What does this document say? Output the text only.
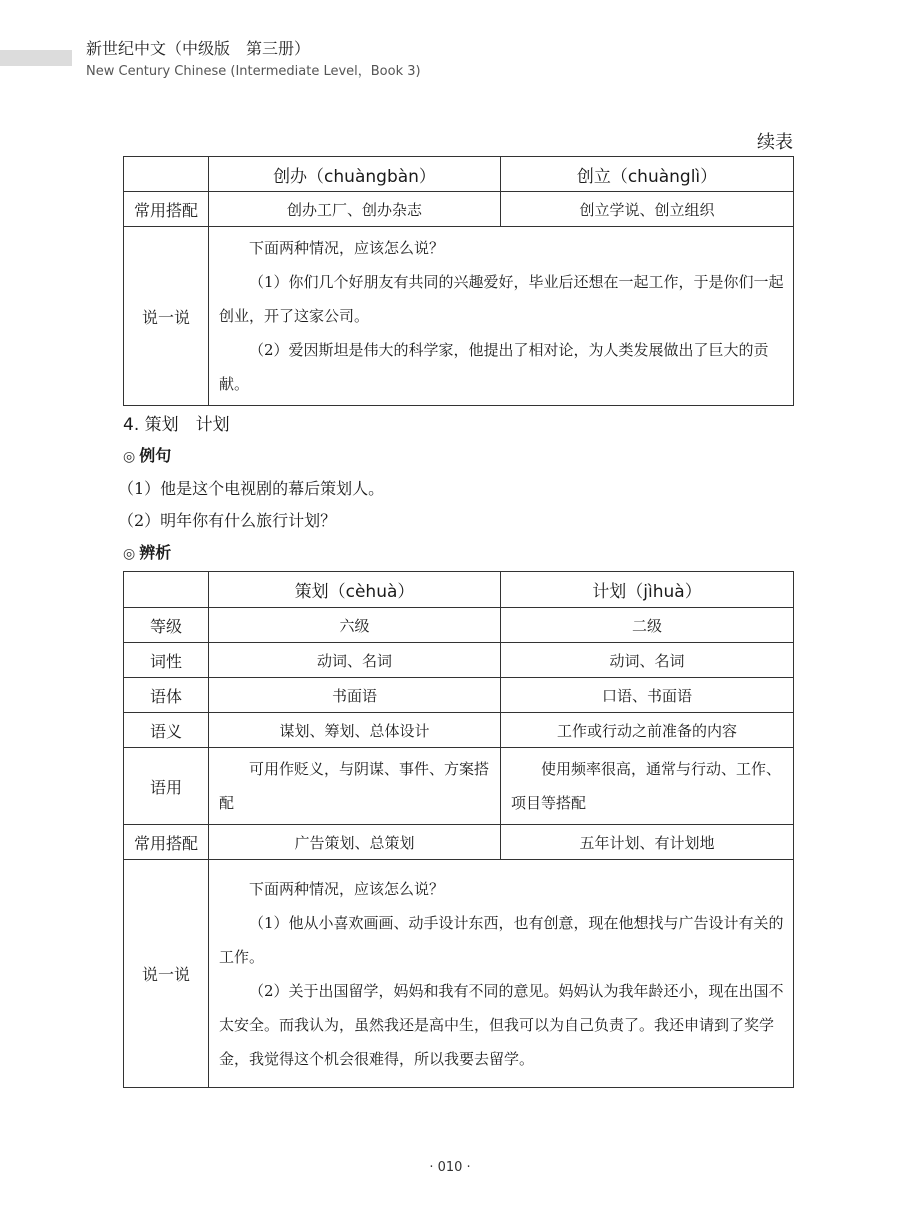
新世纪中文（中级版　第三册）
New Century Chinese (Intermediate Level，Book 3)
续表
	创办（chuàngbàn）	创立（chuànglì）
常用搭配	创办工厂、创办杂志	创立学说、创立组织
说一说	下面两种情况，应该怎么说？

（1）你们几个好朋友有共同的兴趣爱好，毕业后还想在一起工作，于是你们一起创业，开了这家公司。

（2）爱因斯坦是伟大的科学家，他提出了相对论，为人类发展做出了巨大的贡献。	

4. 策划　计划
◎ 例句
（1）他是这个电视剧的幕后策划人。
（2）明年你有什么旅行计划？
◎ 辨析
	策划（cèhuà）	计划（jìhuà）
等级	六级	二级
词性	动词、名词	动词、名词
语体	书面语	口语、书面语
语义	谋划、筹划、总体设计	工作或行动之前准备的内容
语用	可用作贬义，与阴谋、事件、方案搭配	使用频率很高，通常与行动、工作、项目等搭配

常用搭配	广告策划、总策划	五年计划、有计划地
说一说	下面两种情况，应该怎么说？

（1）他从小喜欢画画、动手设计东西，也有创意，现在他想找与广告设计有关的工作。

（2）关于出国留学，妈妈和我有不同的意见。妈妈认为我年龄还小，现在出国不太安全。而我认为，虽然我还是高中生，但我可以为自己负责了。我还申请到了奖学金，我觉得这个机会很难得，所以我要去留学。	

· 010 ·
